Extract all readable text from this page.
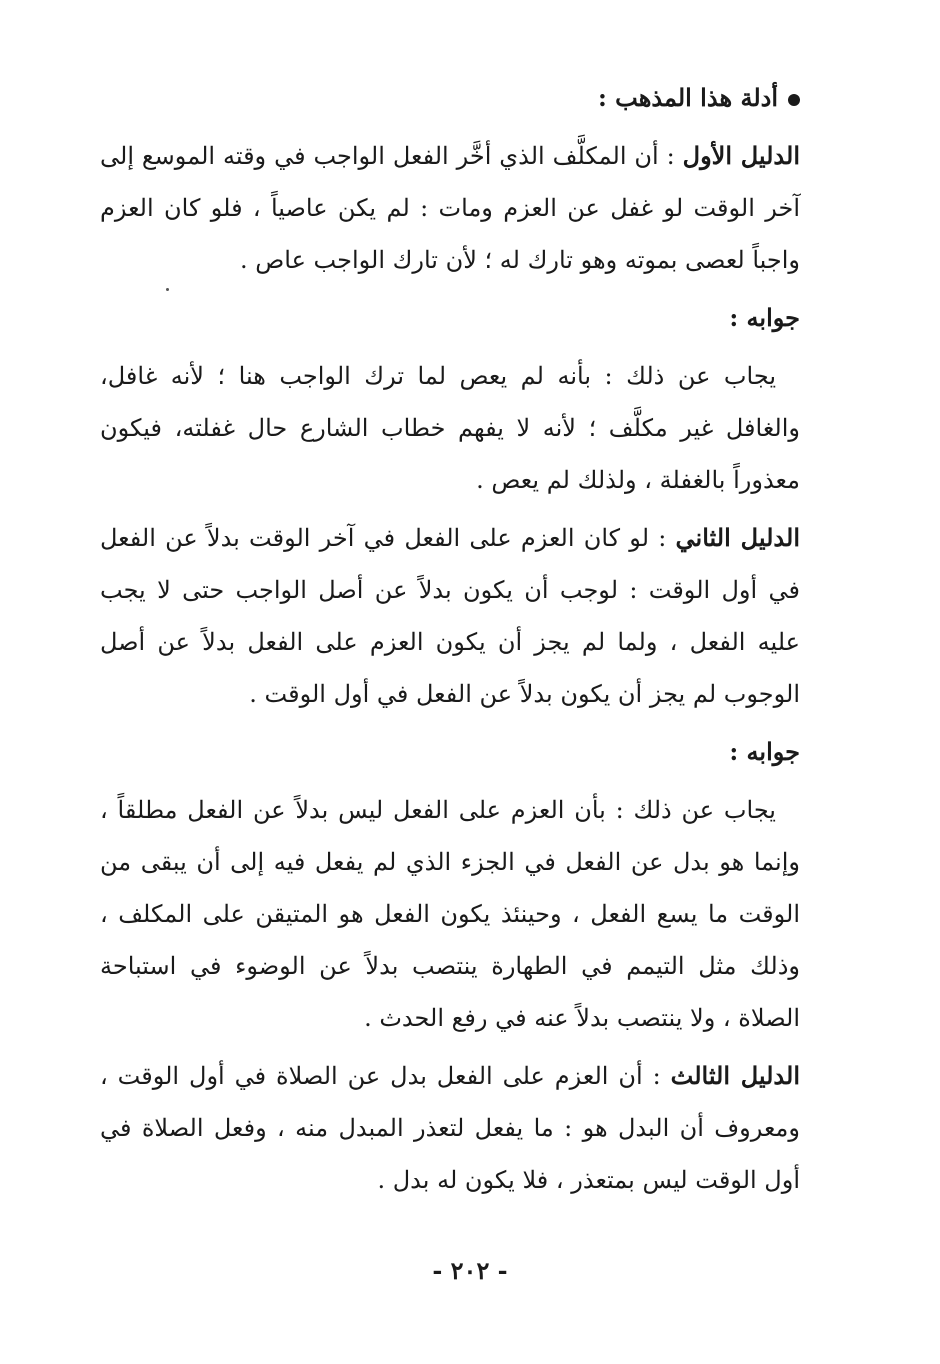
أدلة هذا المذهب :

الدليل الأول : أن المكلَّف الذي أخَّر الفعل الواجب في وقته الموسع إلى آخر الوقت لو غفل عن العزم ومات : لم يكن عاصياً ، فلو كان العزم واجباً لعصى بموته وهو تارك له ؛ لأن تارك الواجب عاص .

جوابه :

يجاب عن ذلك : بأنه لم يعص لما ترك الواجب هنا ؛ لأنه غافل، والغافل غير مكلَّف ؛ لأنه لا يفهم خطاب الشارع حال غفلته، فيكون معذوراً بالغفلة ، ولذلك لم يعص .

الدليل الثاني : لو كان العزم على الفعل في آخر الوقت بدلاً عن الفعل في أول الوقت : لوجب أن يكون بدلاً عن أصل الواجب حتى لا يجب عليه الفعل ، ولما لم يجز أن يكون العزم على الفعل بدلاً عن أصل الوجوب لم يجز أن يكون بدلاً عن الفعل في أول الوقت .

جوابه :

يجاب عن ذلك : بأن العزم على الفعل ليس بدلاً عن الفعل مطلقاً ، وإنما هو بدل عن الفعل في الجزء الذي لم يفعل فيه إلى أن يبقى من الوقت ما يسع الفعل ، وحينئذ يكون الفعل هو المتيقن على المكلف ، وذلك مثل التيمم في الطهارة ينتصب بدلاً عن الوضوء في استباحة الصلاة ، ولا ينتصب بدلاً عنه في رفع الحدث .

الدليل الثالث : أن العزم على الفعل بدل عن الصلاة في أول الوقت ، ومعروف أن البدل هو : ما يفعل لتعذر المبدل منه ، وفعل الصلاة في أول الوقت ليس بمتعذر ، فلا يكون له بدل .

- ٢٠٢ -
